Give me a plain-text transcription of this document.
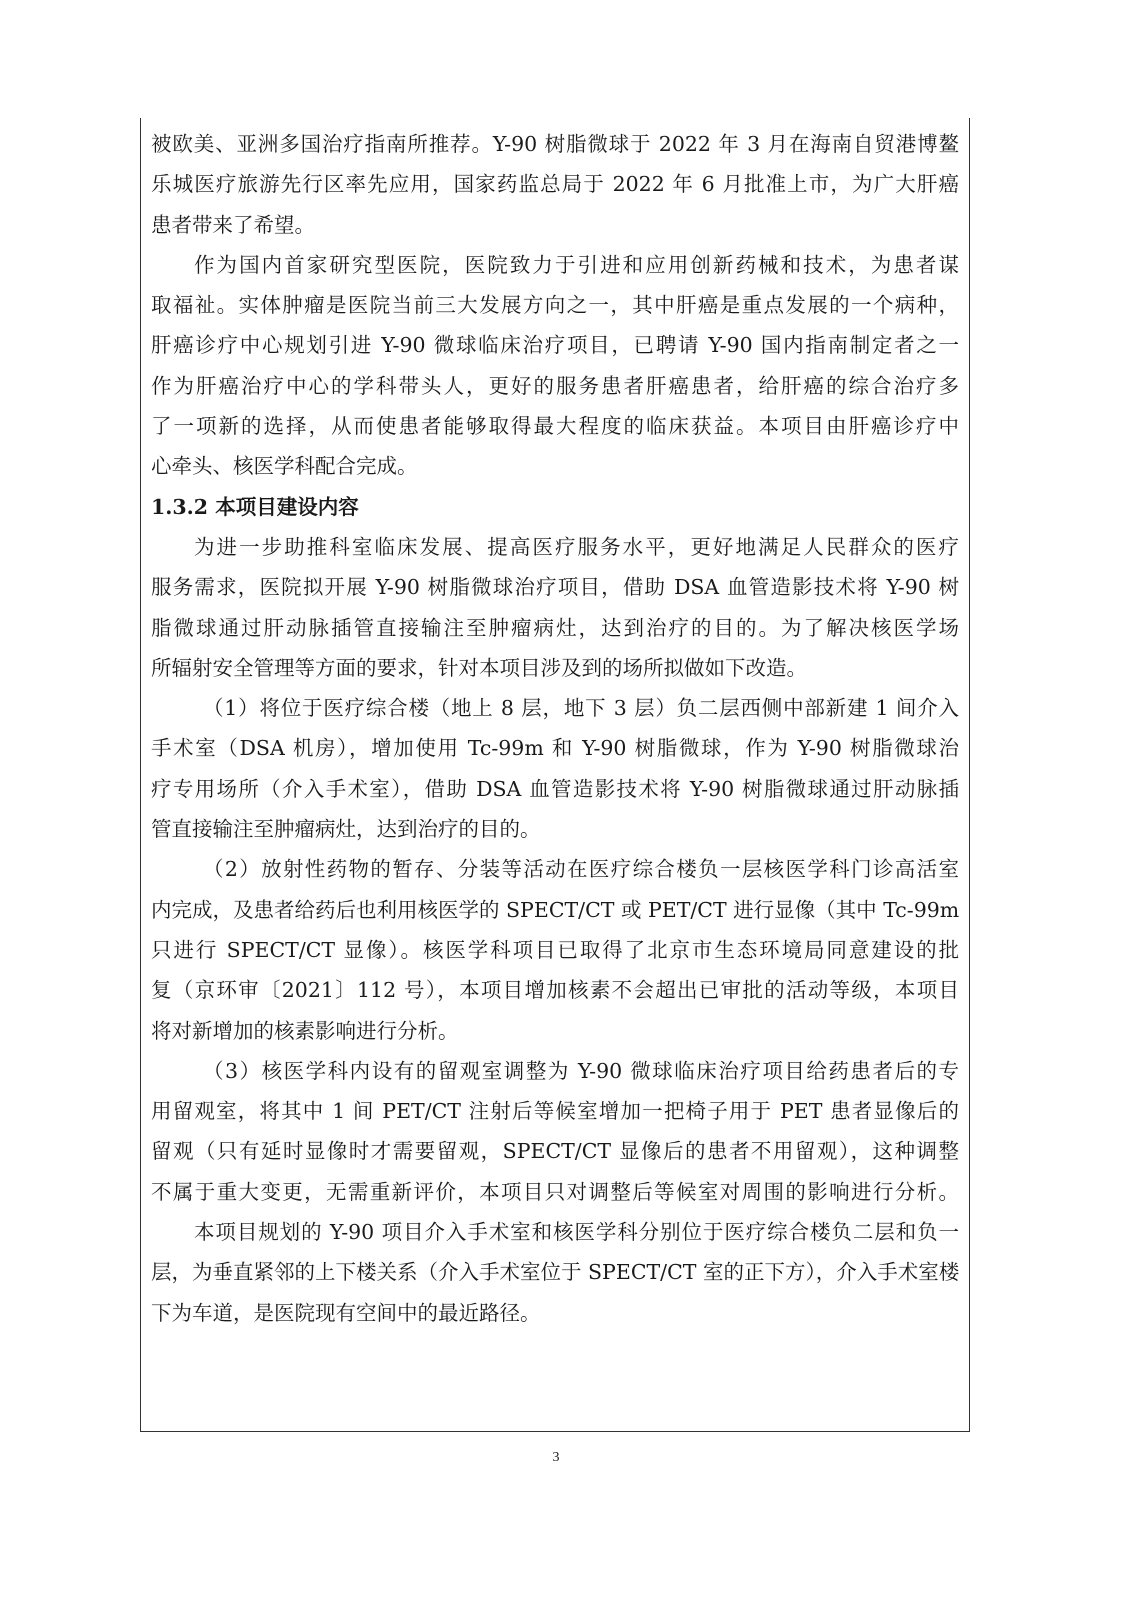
被欧美、亚洲多国治疗指南所推荐。Y-90 树脂微球于 2022 年 3 月在海南自贸港博鳌
乐城医疗旅游先行区率先应用，国家药监总局于 2022 年 6 月批准上市，为广大肝癌
患者带来了希望。
作为国内首家研究型医院，医院致力于引进和应用创新药械和技术，为患者谋
取福祉。实体肿瘤是医院当前三大发展方向之一，其中肝癌是重点发展的一个病种，
肝癌诊疗中心规划引进 Y-90 微球临床治疗项目，已聘请 Y-90 国内指南制定者之一
作为肝癌治疗中心的学科带头人，更好的服务患者肝癌患者，给肝癌的综合治疗多
了一项新的选择，从而使患者能够取得最大程度的临床获益。本项目由肝癌诊疗中
心牵头、核医学科配合完成。
1.3.2 本项目建设内容
为进一步助推科室临床发展、提高医疗服务水平，更好地满足人民群众的医疗
服务需求，医院拟开展 Y-90 树脂微球治疗项目，借助 DSA 血管造影技术将 Y-90 树
脂微球通过肝动脉插管直接输注至肿瘤病灶，达到治疗的目的。为了解决核医学场
所辐射安全管理等方面的要求，针对本项目涉及到的场所拟做如下改造。
（1）将位于医疗综合楼（地上 8 层，地下 3 层）负二层西侧中部新建 1 间介入
手术室（DSA 机房），增加使用 Tc-99m 和 Y-90 树脂微球，作为 Y-90 树脂微球治
疗专用场所（介入手术室），借助 DSA 血管造影技术将 Y-90 树脂微球通过肝动脉插
管直接输注至肿瘤病灶，达到治疗的目的。
（2）放射性药物的暂存、分装等活动在医疗综合楼负一层核医学科门诊高活室
内完成，及患者给药后也利用核医学的 SPECT/CT 或 PET/CT 进行显像（其中 Tc-99m
只进行 SPECT/CT 显像）。核医学科项目已取得了北京市生态环境局同意建设的批
复（京环审〔2021〕112 号），本项目增加核素不会超出已审批的活动等级，本项目
将对新增加的核素影响进行分析。
（3）核医学科内设有的留观室调整为 Y-90 微球临床治疗项目给药患者后的专
用留观室，将其中 1 间 PET/CT 注射后等候室增加一把椅子用于 PET 患者显像后的
留观（只有延时显像时才需要留观，SPECT/CT 显像后的患者不用留观），这种调整
不属于重大变更，无需重新评价，本项目只对调整后等候室对周围的影响进行分析。
本项目规划的 Y-90 项目介入手术室和核医学科分别位于医疗综合楼负二层和负一
层，为垂直紧邻的上下楼关系（介入手术室位于 SPECT/CT 室的正下方），介入手术室楼
下为车道，是医院现有空间中的最近路径。
3
